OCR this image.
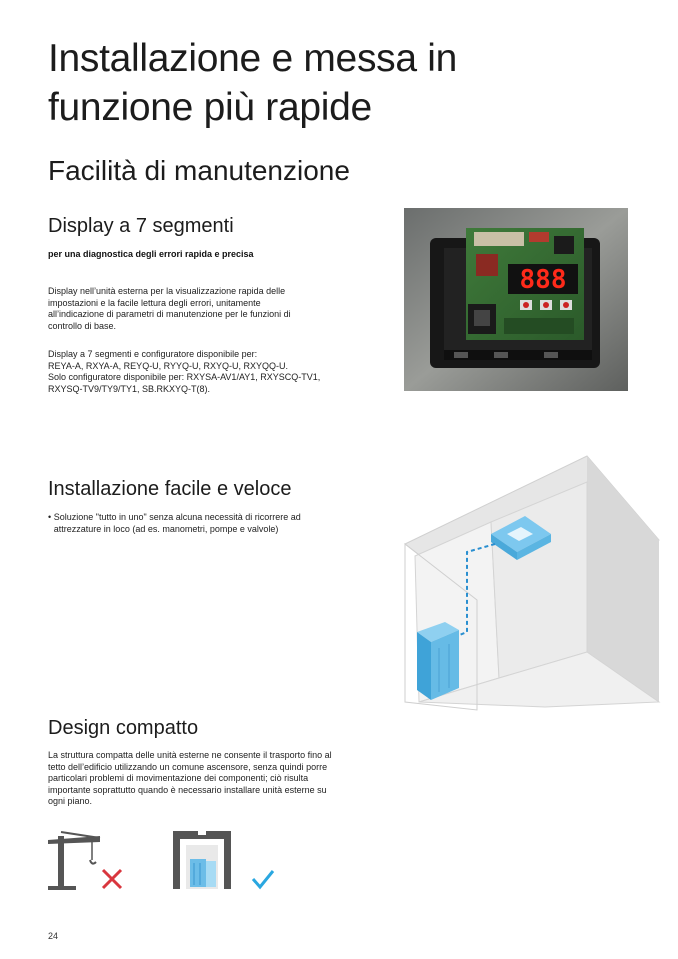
Installazione e messa in funzione più rapide
Facilità di manutenzione
Display a 7 segmenti
per una diagnostica degli errori rapida e precisa
Display nell’unità esterna per la visualizzazione rapida delle impostazioni e la facile lettura degli errori, unitamente all’indicazione di parametri di manutenzione per le funzioni di controllo di base.

Display a 7 segmenti e configuratore disponibile per:

REYA-A, RXYA-A, REYQ-U, RYYQ-U, RXYQ-U, RXYQQ-U.

Solo configuratore disponibile per: RXYSA-AV1/AY1, RXYSCQ-TV1,

RXYSQ-TV9/TY9/TY1, SB.RKXYQ-T(8).

888
Installazione facile e veloce
• Soluzione "tutto in uno" senza alcuna necessità di ricorrere ad attrezzature in loco (ad es. manometri, pompe e valvole)
Design compatto
La struttura compatta delle unità esterne ne consente il trasporto fino al tetto dell’edificio utilizzando un comune ascensore, senza quindi porre particolari problemi di movimentazione dei componenti; ciò risulta importante soprattutto quando è necessario installare unità esterne su ogni piano.
24
